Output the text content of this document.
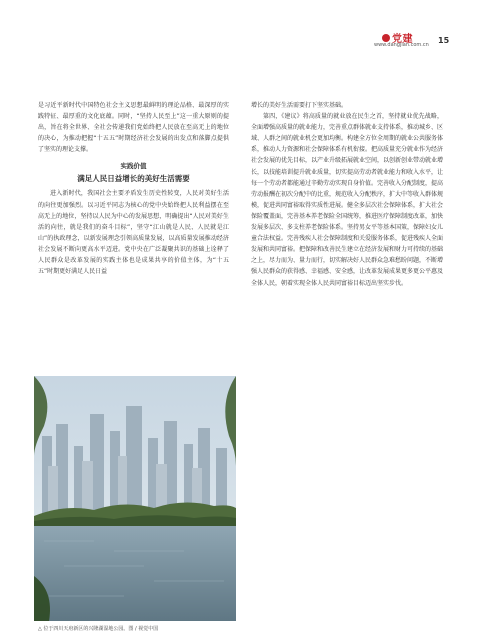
党建
www.dangjian.com.cn 15

是习近平新时代中国特色社会主义思想最鲜明的理论品格、最深厚的实践特征、最厚重的文化底蕴。同时，“坚持人民至上”这一重大原则的提出，旨在将全世界、全社会传递我们党始终把人民放在至高无上的地位的决心，为推动把握“十五五”时期经济社会发展的出发点和落脚点提供了坚实的理论支撑。

实践价值
满足人民日益增长的美好生活需要

进入新时代，我国社会主要矛盾发生历史性转变，人民对美好生活的向往更加强烈。以习近平同志为核心的党中央始终把人民利益摆在至高无上的地位，坚持以人民为中心的发展思想，明确提出“人民对美好生活的向往，就是我们的奋斗目标”，坚守“江山就是人民、人民就是江山”的执政理念，以新发展理念引领高质量发展，以高质量发展推动经济社会发展不断向更高水平迈进。党中央在广泛凝聚共识的基础上诠释了人民群众是改革发展的实践主体也是成果共享的价值主体，为“十五五”时期更好满足人民日益

△ 位于四川天府新区的兴隆湖湿地公园。图 / 视觉中国

增长的美好生活需要打下坚实基础。

第四，《建议》将高质量的就业放在民生之首，坚持就业优先战略，全面增强高质量的就业能力，完善重点群体就业支持体系，推动城乡、区域、人群之间的就业机会更加均衡。构建全方位全周期的就业公共服务体系，推动人力资源和社会保障体系有机衔接。把高质量充分就业作为经济社会发展的优先目标，以产业升级拓展就业空间，以创新创业带动就业增长，以技能培训提升就业质量，切实提高劳动者就业能力和收入水平，让每一个劳动者都能通过辛勤劳动实现自身价值。完善收入分配制度，提高劳动报酬在初次分配中的比重，规范收入分配秩序，扩大中等收入群体规模，促进共同富裕取得实质性进展。健全多层次社会保障体系，扩大社会保险覆盖面，完善基本养老保险全国统筹，推进医疗保障制度改革，加快发展多层次、多支柱养老保险体系。坚持男女平等基本国策，保障妇女儿童合法权益。完善残疾人社会保障制度和关爱服务体系，促进残疾人全面发展和共同富裕。把保障和改善民生建立在经济发展和财力可持续的基础之上，尽力而为、量力而行，切实解决好人民群众急难愁盼问题，不断增强人民群众的获得感、幸福感、安全感，让改革发展成果更多更公平惠及全体人民，朝着实现全体人民共同富裕目标迈出坚实步伐。
